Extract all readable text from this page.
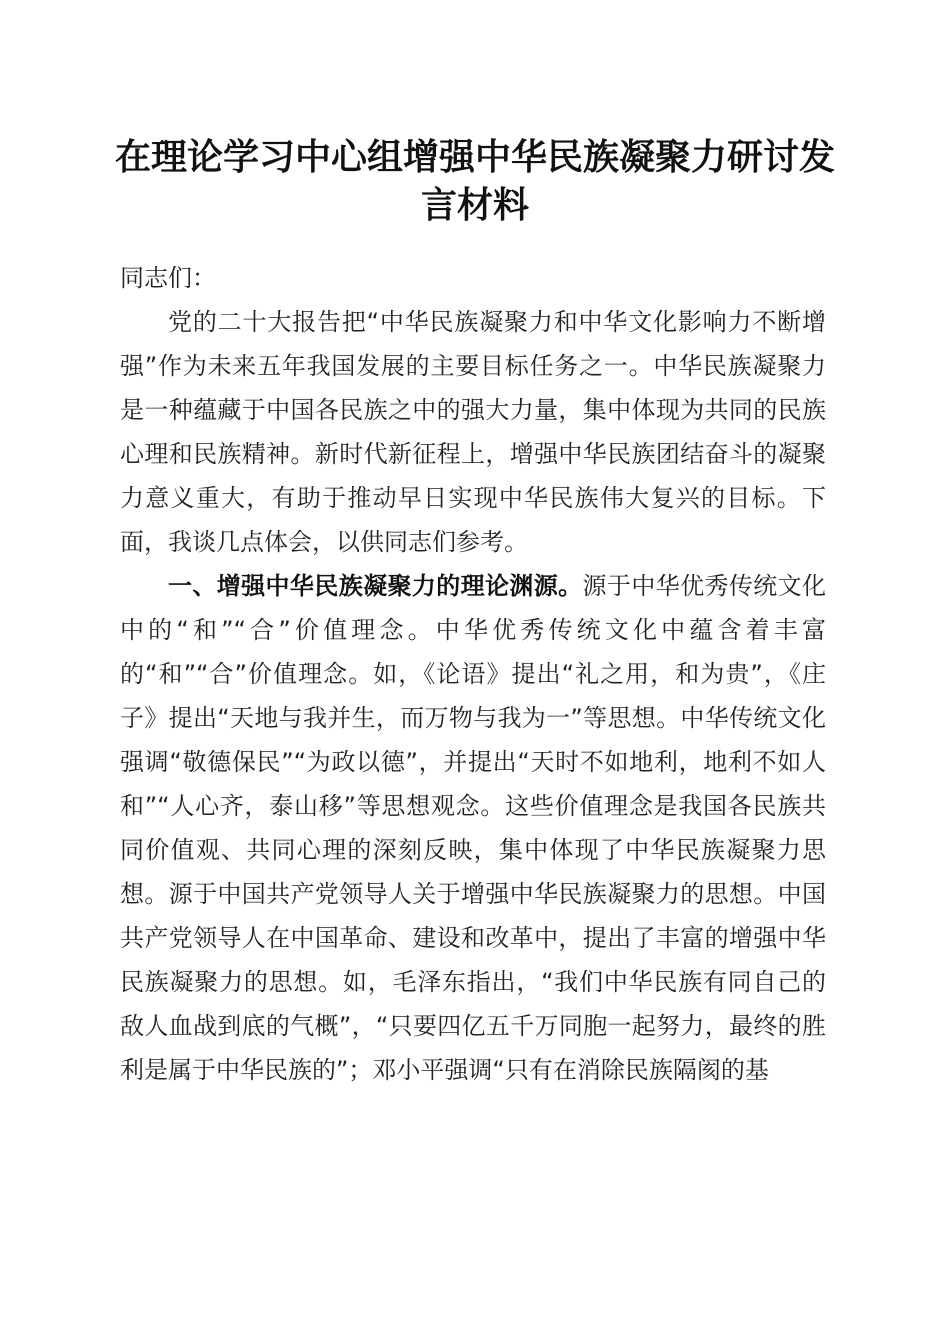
在理论学习中心组增强中华民族凝聚力研讨发言材料

同志们：

党的二十大报告把“中华民族凝聚力和中华文化影响力不断增强”作为未来五年我国发展的主要目标任务之一。中华民族凝聚力是一种蕴藏于中国各民族之中的强大力量，集中体现为共同的民族心理和民族精神。新时代新征程上，增强中华民族团结奋斗的凝聚力意义重大，有助于推动早日实现中华民族伟大复兴的目标。下面，我谈几点体会，以供同志们参考。

一、增强中华民族凝聚力的理论渊源。源于中华优秀传统文化中的“和”“合”价值理念。中华优秀传统文化中蕴含着丰富的“和”“合”价值理念。如，《论语》提出“礼之用，和为贵”，《庄子》提出“天地与我并生，而万物与我为一”等思想。中华传统文化强调“敬德保民”“为政以德”，并提出“天时不如地利，地利不如人和”“人心齐，泰山移”等思想观念。这些价值理念是我国各民族共同价值观、共同心理的深刻反映，集中体现了中华民族凝聚力思想。源于中国共产党领导人关于增强中华民族凝聚力的思想。中国共产党领导人在中国革命、建设和改革中，提出了丰富的增强中华民族凝聚力的思想。如，毛泽东指出，“我们中华民族有同自己的敌人血战到底的气概”，“只要四亿五千万同胞一起努力，最终的胜利是属于中华民族的”；邓小平强调“只有在消除民族隔阂的基
